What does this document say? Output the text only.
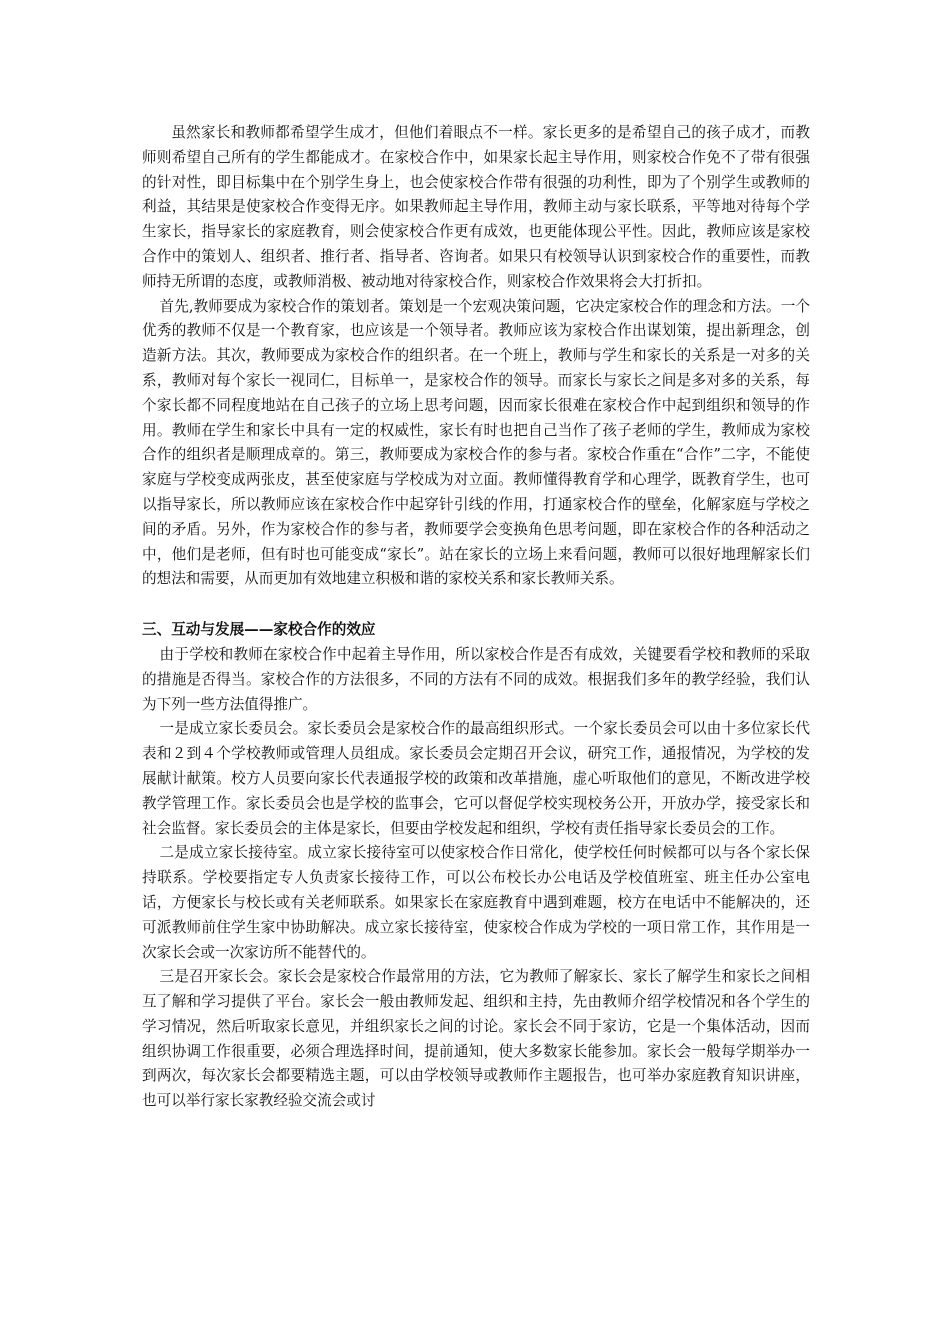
虽然家长和教师都希望学生成才，但他们着眼点不一样。家长更多的是希望自己的孩子成才，而教师则希望自己所有的学生都能成才。在家校合作中，如果家长起主导作用，则家校合作免不了带有很强的针对性，即目标集中在个别学生身上，也会使家校合作带有很强的功利性，即为了个别学生或教师的利益，其结果是使家校合作变得无序。如果教师起主导作用，教师主动与家长联系，平等地对待每个学生家长，指导家长的家庭教育，则会使家校合作更有成效，也更能体现公平性。因此，教师应该是家校合作中的策划人、组织者、推行者、指导者、咨询者。如果只有校领导认识到家校合作的重要性，而教师持无所谓的态度，或教师消极、被动地对待家校合作，则家校合作效果将会大打折扣。

首先,教师要成为家校合作的策划者。策划是一个宏观决策问题，它决定家校合作的理念和方法。一个优秀的教师不仅是一个教育家，也应该是一个领导者。教师应该为家校合作出谋划策，提出新理念，创造新方法。其次，教师要成为家校合作的组织者。在一个班上，教师与学生和家长的关系是一对多的关系，教师对每个家长一视同仁，目标单一，是家校合作的领导。而家长与家长之间是多对多的关系，每个家长都不同程度地站在自己孩子的立场上思考问题，因而家长很难在家校合作中起到组织和领导的作用。教师在学生和家长中具有一定的权威性，家长有时也把自己当作了孩子老师的学生，教师成为家校合作的组织者是顺理成章的。第三，教师要成为家校合作的参与者。家校合作重在“合作”二字，不能使家庭与学校变成两张皮，甚至使家庭与学校成为对立面。教师懂得教育学和心理学，既教育学生，也可以指导家长，所以教师应该在家校合作中起穿针引线的作用，打通家校合作的壁垒，化解家庭与学校之间的矛盾。另外，作为家校合作的参与者，教师要学会变换角色思考问题，即在家校合作的各种活动之中，他们是老师，但有时也可能变成“家长”。站在家长的立场上来看问题，教师可以很好地理解家长们的想法和需要，从而更加有效地建立积极和谐的家校关系和家长教师关系。

三、互动与发展——家校合作的效应

由于学校和教师在家校合作中起着主导作用，所以家校合作是否有成效，关键要看学校和教师的采取的措施是否得当。家校合作的方法很多，不同的方法有不同的成效。根据我们多年的教学经验，我们认为下列一些方法值得推广。

一是成立家长委员会。家长委员会是家校合作的最高组织形式。一个家长委员会可以由十多位家长代表和２到４个学校教师或管理人员组成。家长委员会定期召开会议，研究工作，通报情况，为学校的发展献计献策。校方人员要向家长代表通报学校的政策和改革措施，虚心听取他们的意见，不断改进学校教学管理工作。家长委员会也是学校的监事会，它可以督促学校实现校务公开，开放办学，接受家长和社会监督。家长委员会的主体是家长，但要由学校发起和组织，学校有责任指导家长委员会的工作。

二是成立家长接待室。成立家长接待室可以使家校合作日常化，使学校任何时候都可以与各个家长保持联系。学校要指定专人负责家长接待工作，可以公布校长办公电话及学校值班室、班主任办公室电话，方便家长与校长或有关老师联系。如果家长在家庭教育中遇到难题，校方在电话中不能解决的，还可派教师前住学生家中协助解决。成立家长接待室，使家校合作成为学校的一项日常工作，其作用是一次家长会或一次家访所不能替代的。

三是召开家长会。家长会是家校合作最常用的方法，它为教师了解家长、家长了解学生和家长之间相互了解和学习提供了平台。家长会一般由教师发起、组织和主持，先由教师介绍学校情况和各个学生的学习情况，然后听取家长意见，并组织家长之间的讨论。家长会不同于家访，它是一个集体活动，因而组织协调工作很重要，必须合理选择时间，提前通知，使大多数家长能参加。家长会一般每学期举办一到两次，每次家长会都要精选主题，可以由学校领导或教师作主题报告，也可举办家庭教育知识讲座，也可以举行家长家教经验交流会或讨
